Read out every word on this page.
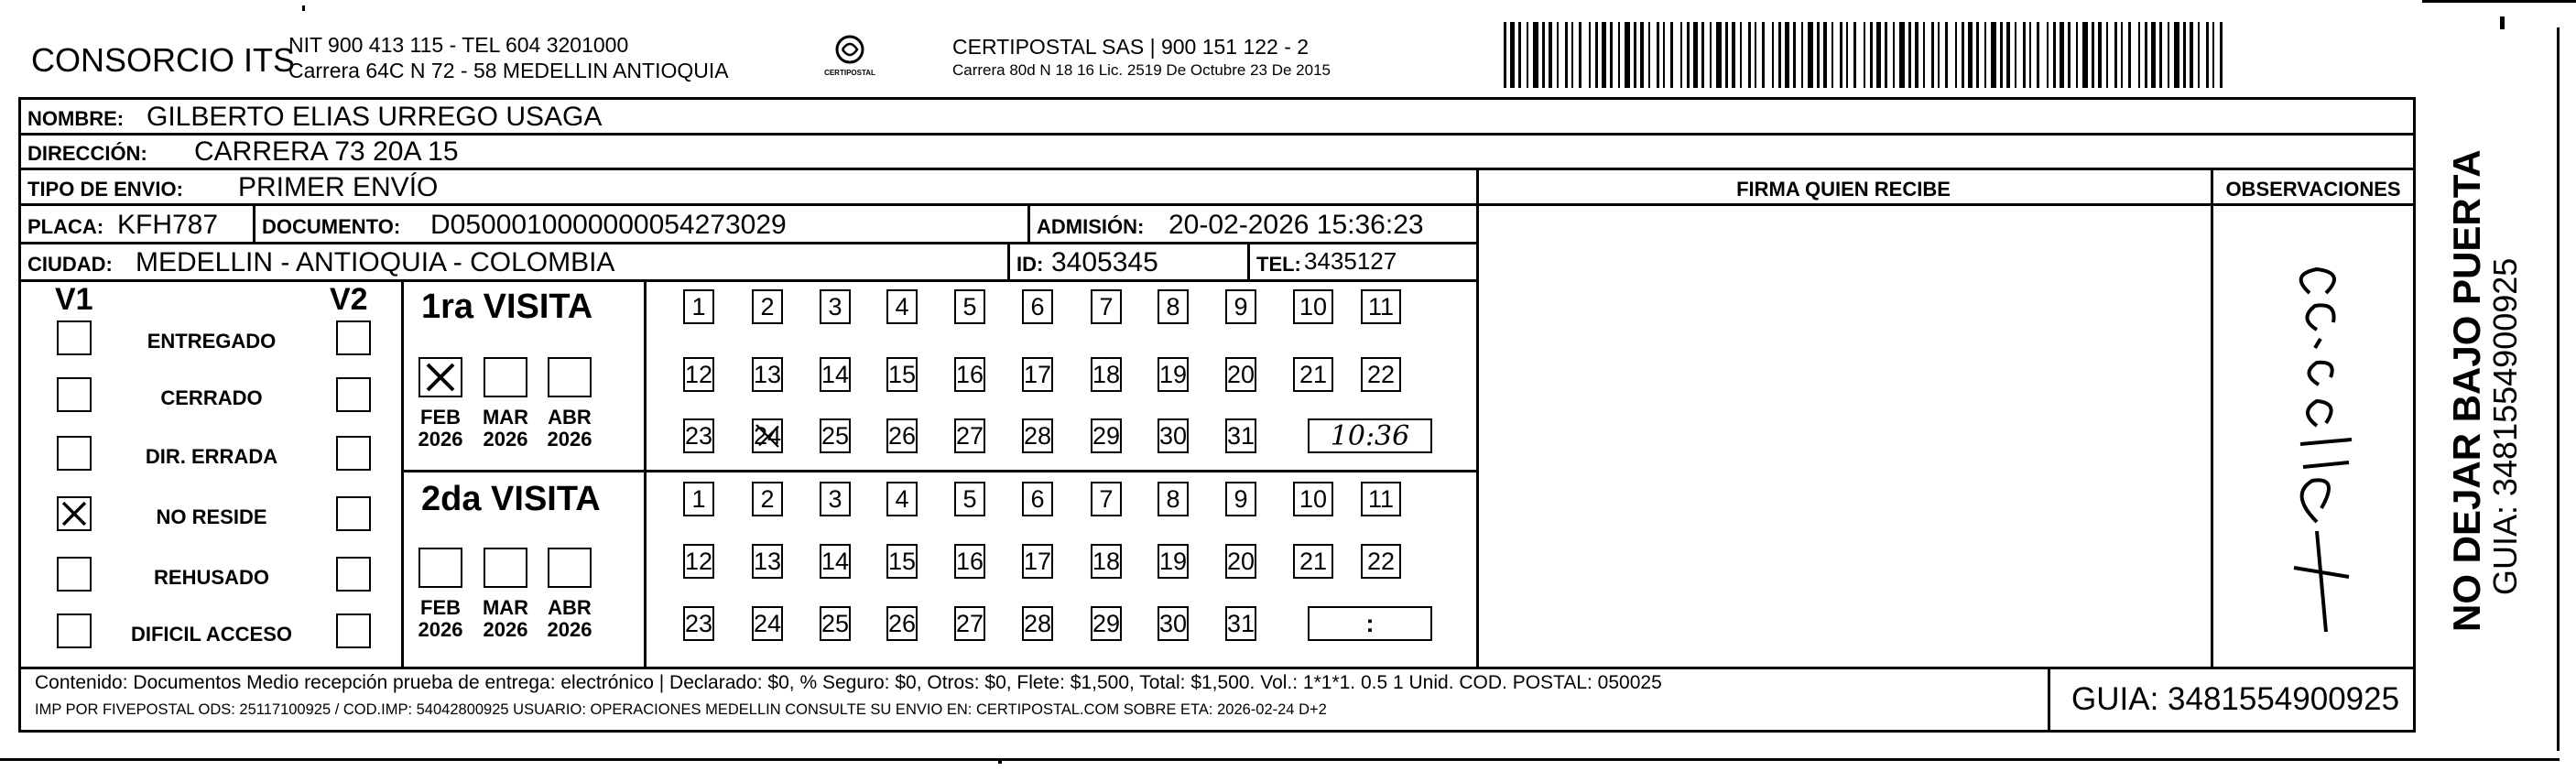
CONSORCIO ITS
NIT 900 413 115 - TEL 604 3201000
Carrera 64C N 72 - 58 MEDELLIN ANTIOQUIA	CERTIPOSTAL
CERTIPOSTAL SAS | 900 151 122 - 2
Carrera 80d N 18 16 Lic. 2519 De Octubre 23 De 2015
NOMBRE: GILBERTO ELIAS URREGO USAGA
DIRECCIÓN: CARRERA 73 20A 15
TIPO DE ENVIO: PRIMER ENVÍO
PLACA: KFH787 DOCUMENTO: D0500010000000054273029	ADMISIÓN: 20-02-2026 15:36:23
CIUDAD: MEDELLIN - ANTIOQUIA - COLOMBIA	ID: 3405345	TEL: 3435127
FIRMA QUIEN RECIBE	OBSERVACIONES	NO DEJAR BAJO PUERTA
GUIA: 3481554900925
V1	V2
ENTREGADO
CERRADO
DIR. ERRADA
NO RESIDE
REHUSADO
DIFICIL ACCESO
1ra VISITA
2da VISITA
FEB
2026
MAR
2026
ABR
2026
FEB
2026
MAR
2026
ABR
2026
1 2 3 4 5 6 7 8 9 10 11
12 13 14 15 16 17 18 19 20 21 22
23 24 25 26 27 28 29 30 31	10:36
1 2 3 4 5 6 7 8 9 10 11
12 13 14 15 16 17 18 19 20 21 22
23 24 25 26 27 28 29 30 31	:
Contenido: Documentos Medio recepción prueba de entrega: electrónico | Declarado: $0, % Seguro: $0, Otros: $0, Flete: $1,500, Total: $1,500. Vol.: 1*1*1. 0.5 1 Unid. COD. POSTAL: 050025
IMP POR FIVEPOSTAL ODS: 25117100925 / COD.IMP: 54042800925 USUARIO: OPERACIONES MEDELLIN CONSULTE SU ENVIO EN: CERTIPOSTAL.COM SOBRE ETA: 2026-02-24 D+2	GUIA: 3481554900925
